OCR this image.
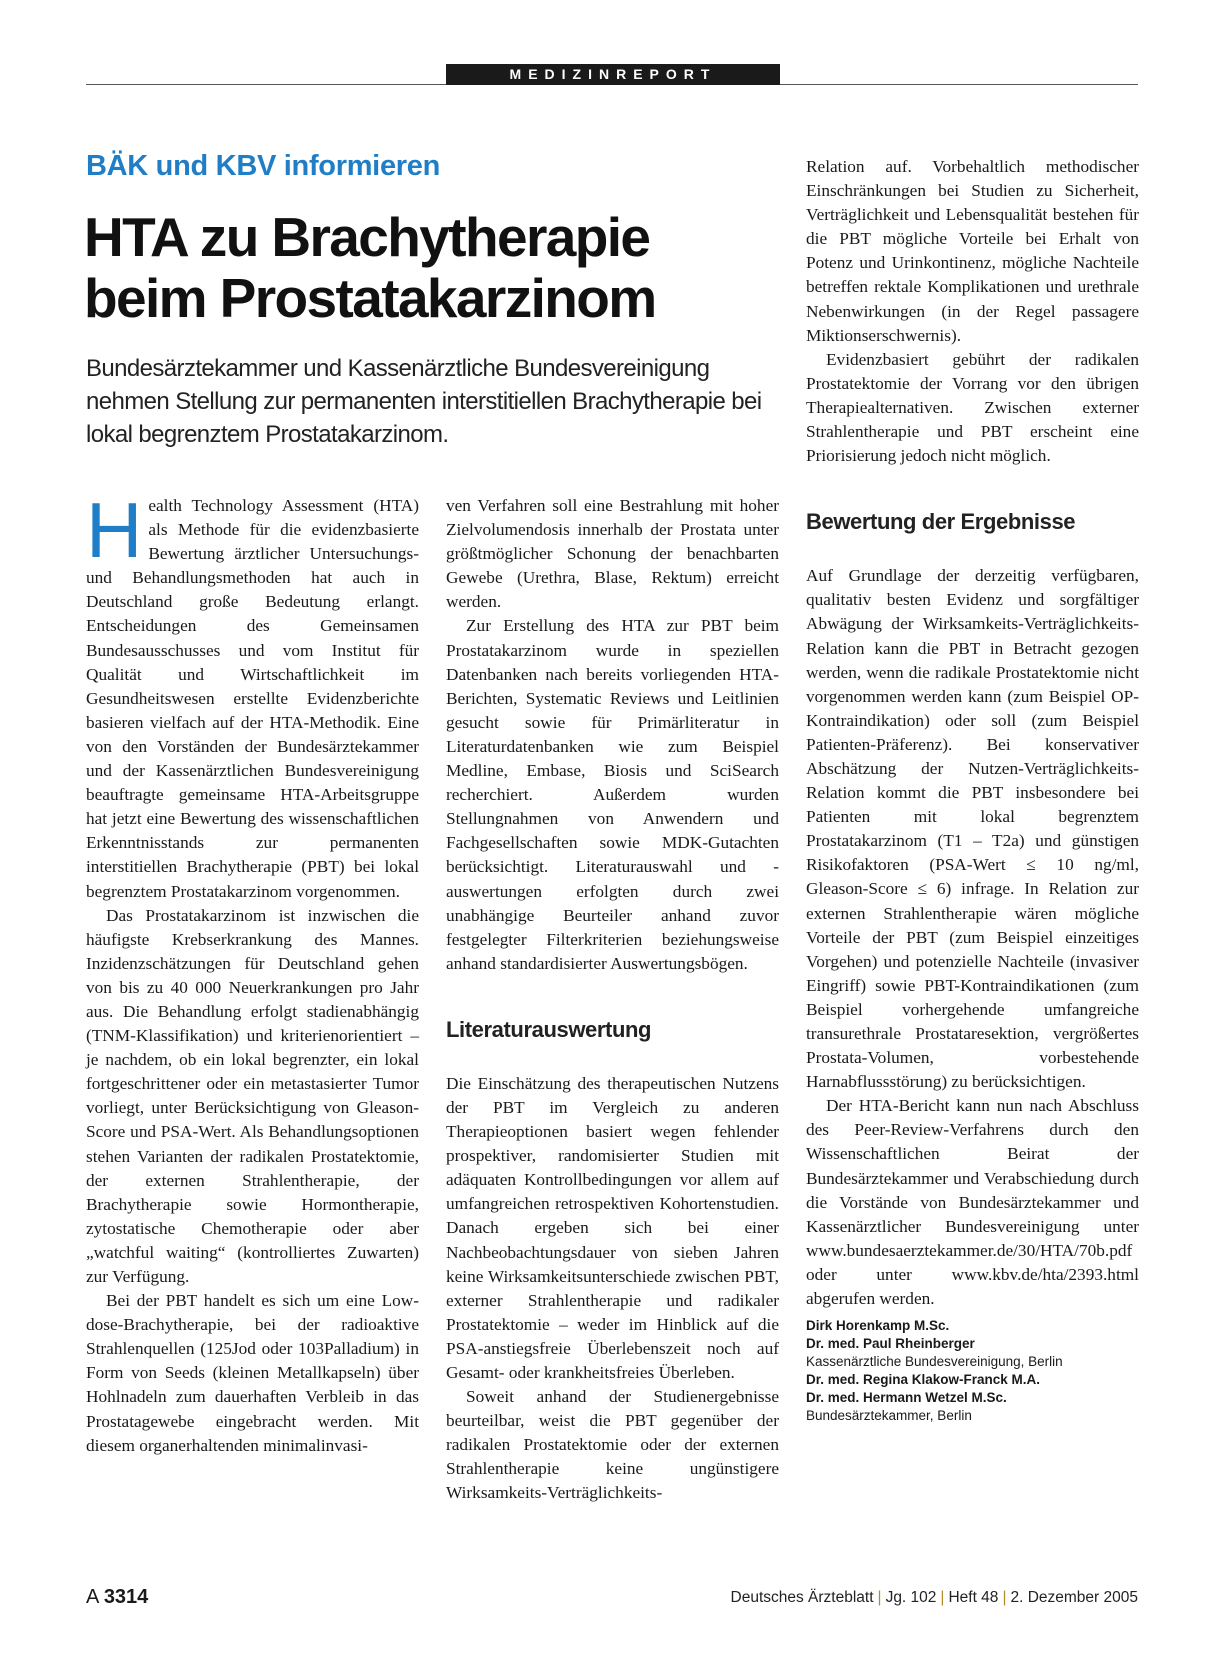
MEDIZINREPORT
BÄK und KBV informieren
HTA zu Brachytherapie
beim Prostatakarzinom
Bundesärztekammer und Kassenärztliche Bundesvereinigung nehmen Stellung zur permanenten interstitiellen Brachytherapie bei lokal begrenztem Prostatakarzinom.

Health Technology Assessment (HTA) als Methode für die evidenzbasierte Bewertung ärztlicher Untersuchungs- und Behandlungsmethoden hat auch in Deutschland große Bedeutung erlangt. Entscheidungen des Gemeinsamen Bundesausschusses und vom Institut für Qualität und Wirtschaftlichkeit im Gesundheitswesen erstellte Evidenzberichte basieren vielfach auf der HTA-Methodik. Eine von den Vorständen der Bundesärztekammer und der Kassenärztlichen Bundesvereinigung beauftragte gemeinsame HTA-Arbeitsgruppe hat jetzt eine Bewertung des wissenschaftlichen Erkenntnisstands zur permanenten interstitiellen Brachytherapie (PBT) bei lokal begrenztem Prostatakarzinom vorgenommen.

Das Prostatakarzinom ist inzwischen die häufigste Krebserkrankung des Mannes. Inzidenzschätzungen für Deutschland gehen von bis zu 40 000 Neuerkrankungen pro Jahr aus. Die Behandlung erfolgt stadienabhängig (TNM-Klassifikation) und kriterienorientiert – je nachdem, ob ein lokal begrenzter, ein lokal fortgeschrittener oder ein metastasierter Tumor vorliegt, unter Berücksichtigung von Gleason-Score und PSA-Wert. Als Behandlungsoptionen stehen Varianten der radikalen Prostatektomie, der externen Strahlentherapie, der Brachytherapie sowie Hormontherapie, zytostatische Chemotherapie oder aber „watchful waiting“ (kontrolliertes Zuwarten) zur Verfügung.

Bei der PBT handelt es sich um eine Low-dose-Brachytherapie, bei der radioaktive Strahlenquellen (125Jod oder 103Palladium) in Form von Seeds (kleinen Metallkapseln) über Hohlnadeln zum dauerhaften Verbleib in das Prostatagewebe eingebracht werden. Mit diesem organerhaltenden minimalinvasi-

ven Verfahren soll eine Bestrahlung mit hoher Zielvolumendosis innerhalb der Prostata unter größtmöglicher Schonung der benachbarten Gewebe (Urethra, Blase, Rektum) erreicht werden.

Zur Erstellung des HTA zur PBT beim Prostatakarzinom wurde in speziellen Datenbanken nach bereits vorliegenden HTA-Berichten, Systematic Reviews und Leitlinien gesucht sowie für Primärliteratur in Literaturdatenbanken wie zum Beispiel Medline, Embase, Biosis und SciSearch recherchiert. Außerdem wurden Stellungnahmen von Anwendern und Fachgesellschaften sowie MDK-Gutachten berücksichtigt. Literaturauswahl und -auswertungen erfolgten durch zwei unabhängige Beurteiler anhand zuvor festgelegter Filterkriterien beziehungsweise anhand standardisierter Auswertungsbögen.

Literaturauswertung

Die Einschätzung des therapeutischen Nutzens der PBT im Vergleich zu anderen Therapieoptionen basiert wegen fehlender prospektiver, randomisierter Studien mit adäquaten Kontrollbedingungen vor allem auf umfangreichen retrospektiven Kohortenstudien. Danach ergeben sich bei einer Nachbeobachtungsdauer von sieben Jahren keine Wirksamkeitsunterschiede zwischen PBT, externer Strahlentherapie und radikaler Prostatektomie – weder im Hinblick auf die PSA-anstiegsfreie Überlebenszeit noch auf Gesamt- oder krankheitsfreies Überleben.

Soweit anhand der Studienergebnisse beurteilbar, weist die PBT gegenüber der radikalen Prostatektomie oder der externen Strahlentherapie keine ungünstigere Wirksamkeits-Verträglichkeits-

Relation auf. Vorbehaltlich methodischer Einschränkungen bei Studien zu Sicherheit, Verträglichkeit und Lebensqualität bestehen für die PBT mögliche Vorteile bei Erhalt von Potenz und Urinkontinenz, mögliche Nachteile betreffen rektale Komplikationen und urethrale Nebenwirkungen (in der Regel passagere Miktionserschwernis).

Evidenzbasiert gebührt der radikalen Prostatektomie der Vorrang vor den übrigen Therapiealternativen. Zwischen externer Strahlentherapie und PBT erscheint eine Priorisierung jedoch nicht möglich.

Bewertung der Ergebnisse

Auf Grundlage der derzeitig verfügbaren, qualitativ besten Evidenz und sorgfältiger Abwägung der Wirksamkeits-Verträglichkeits-Relation kann die PBT in Betracht gezogen werden, wenn die radikale Prostatektomie nicht vorgenommen werden kann (zum Beispiel OP-Kontraindikation) oder soll (zum Beispiel Patienten-Präferenz). Bei konservativer Abschätzung der Nutzen-Verträglichkeits-Relation kommt die PBT insbesondere bei Patienten mit lokal begrenztem Prostatakarzinom (T1 – T2a) und günstigen Risikofaktoren (PSA-Wert ≤ 10 ng/ml, Gleason-Score ≤ 6) infrage. In Relation zur externen Strahlentherapie wären mögliche Vorteile der PBT (zum Beispiel einzeitiges Vorgehen) und potenzielle Nachteile (invasiver Eingriff) sowie PBT-Kontraindikationen (zum Beispiel vorhergehende umfangreiche transurethrale Prostataresektion, vergrößertes Prostata-Volumen, vorbestehende Harnabflussstörung) zu berücksichtigen.

Der HTA-Bericht kann nun nach Abschluss des Peer-Review-Verfahrens durch den Wissenschaftlichen Beirat der Bundesärztekammer und Verabschiedung durch die Vorstände von Bundesärztekammer und Kassenärztlicher Bundesvereinigung unter www.bundesaerztekammer.de/30/HTA/70b.pdf oder unter www.kbv.de/hta/2393.html abgerufen werden.

Dirk Horenkamp M.Sc.
Dr. med. Paul Rheinberger
Kassenärztliche Bundesvereinigung, Berlin
Dr. med. Regina Klakow-Franck M.A.
Dr. med. Hermann Wetzel M.Sc.
Bundesärztekammer, Berlin
A 3314	Deutsches Ärzteblatt | Jg. 102 | Heft 48 | 2. Dezember 2005
